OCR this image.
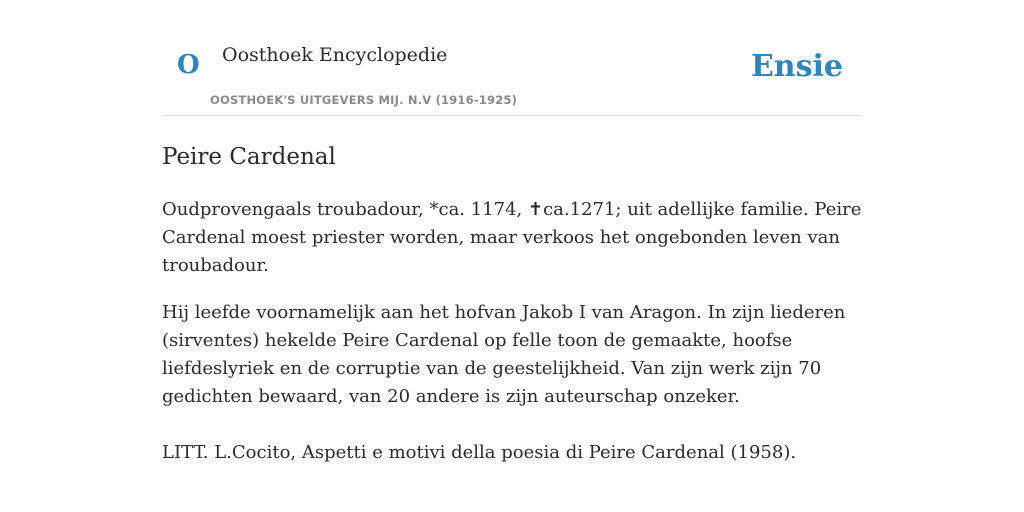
O Oosthoek Encyclopedie
OOSTHOEK'S UITGEVERS MIJ. N.V (1916-1925)
Ensie
Peire Cardenal

Oudprovengaals troubadour, *ca. 1174, ✝ca.1271; uit adellijke familie. Peire Cardenal moest priester worden, maar verkoos het ongebonden leven van troubadour.

Hij leefde voornamelijk aan het hofvan Jakob I van Aragon. In zijn liederen (sirventes) hekelde Peire Cardenal op felle toon de gemaakte, hoofse liefdeslyriek en de corruptie van de geestelijkheid. Van zijn werk zijn 70 gedichten bewaard, van 20 andere is zijn auteurschap onzeker.

LITT. L.Cocito, Aspetti e motivi della poesia di Peire Cardenal (1958).
